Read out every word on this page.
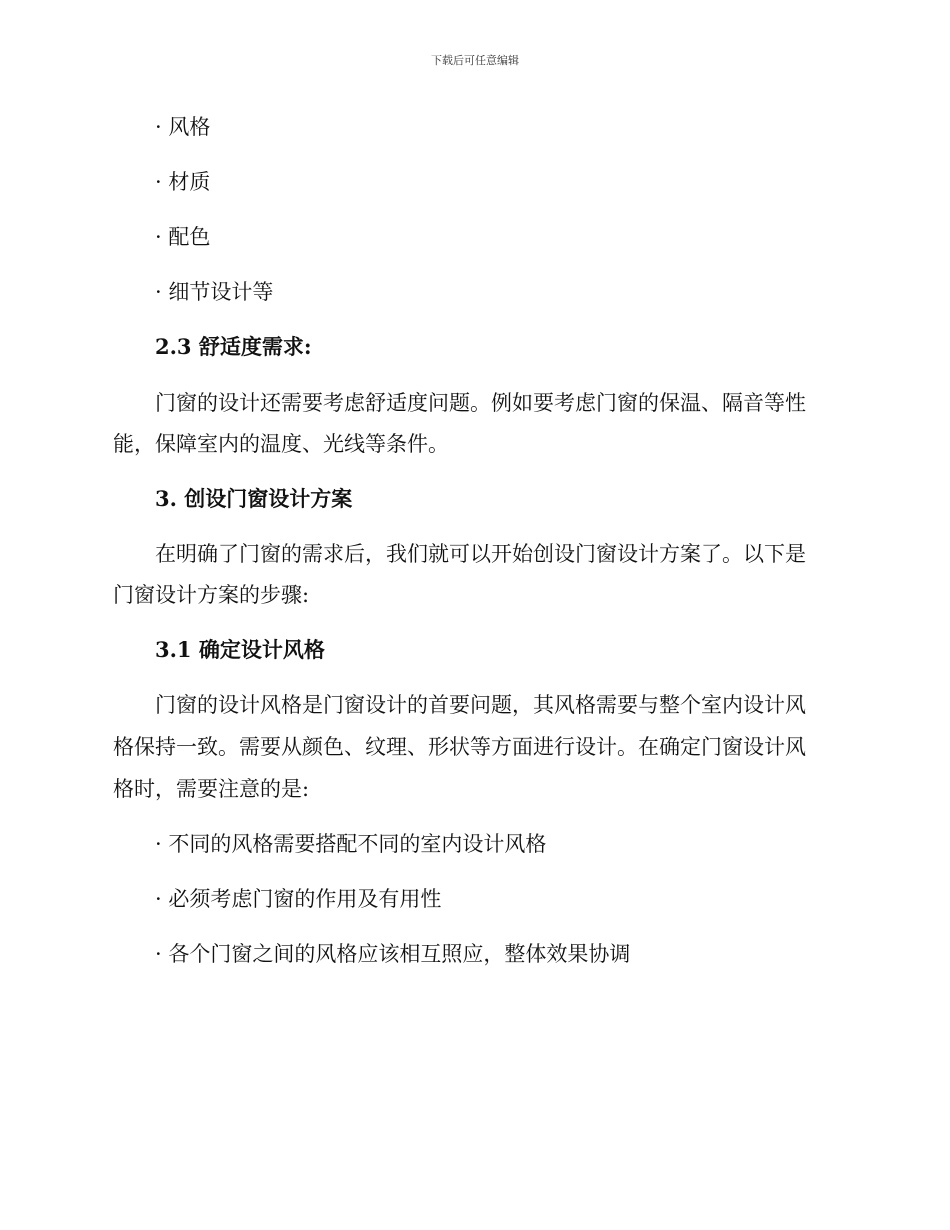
下载后可任意编辑
· 风格
· 材质
· 配色
· 细节设计等
2.3 舒适度需求:
门窗的设计还需要考虑舒适度问题。例如要考虑门窗的保温、隔音等性
能，保障室内的温度、光线等条件。
3. 创设门窗设计方案
在明确了门窗的需求后，我们就可以开始创设门窗设计方案了。以下是
门窗设计方案的步骤:
3.1 确定设计风格
门窗的设计风格是门窗设计的首要问题，其风格需要与整个室内设计风
格保持一致。需要从颜色、纹理、形状等方面进行设计。在确定门窗设计风
格时，需要注意的是:
· 不同的风格需要搭配不同的室内设计风格
· 必须考虑门窗的作用及有用性
· 各个门窗之间的风格应该相互照应，整体效果协调
